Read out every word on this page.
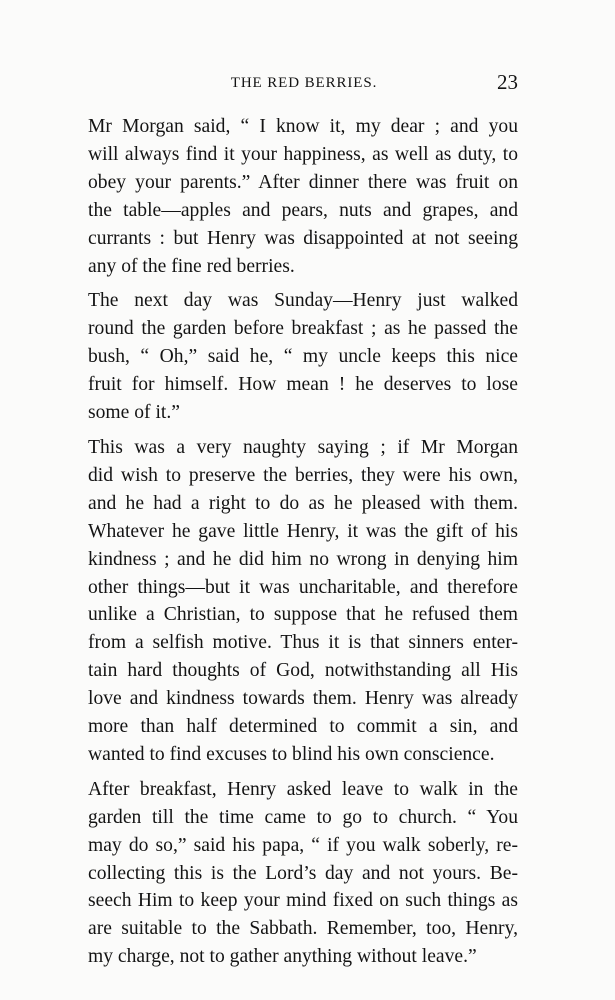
THE RED BERRIES.	23
Mr Morgan said, “ I know it, my dear ; and you
will always find it your happiness, as well as duty, to
obey your parents.” After dinner there was fruit on
the table—apples and pears, nuts and grapes, and
currants : but Henry was disappointed at not seeing
any of the fine red berries.
The next day was Sunday—Henry just walked
round the garden before breakfast ; as he passed the
bush, “ Oh,” said he, “ my uncle keeps this nice
fruit for himself. How mean ! he deserves to lose
some of it.”
This was a very naughty saying ; if Mr Morgan
did wish to preserve the berries, they were his own,
and he had a right to do as he pleased with them.
Whatever he gave little Henry, it was the gift of his
kindness ; and he did him no wrong in denying him
other things—but it was uncharitable, and therefore
unlike a Christian, to suppose that he refused them
from a selfish motive. Thus it is that sinners enter-
tain hard thoughts of God, notwithstanding all His
love and kindness towards them. Henry was already
more than half determined to commit a sin, and
wanted to find excuses to blind his own conscience.
After breakfast, Henry asked leave to walk in the
garden till the time came to go to church. “ You
may do so,” said his papa, “ if you walk soberly, re-
collecting this is the Lord’s day and not yours. Be-
seech Him to keep your mind fixed on such things as
are suitable to the Sabbath. Remember, too, Henry,
my charge, not to gather anything without leave.”
